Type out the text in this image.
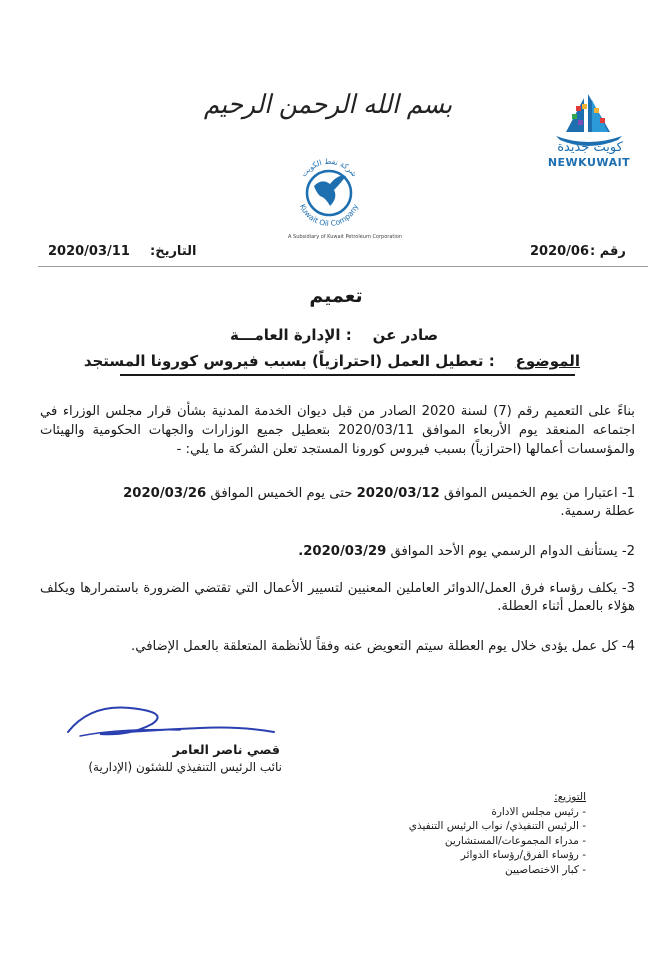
بسم الله الرحمن الرحيم
كويت جديدة
NEWKUWAIT
شركة نفط الكويت
Kuwait Oil Company
A Subsidiary of Kuwait Petroleum Corporation
رقم :
2020/06
التاريخ:
2020/03/11
تعميم
صادر عن    : الإدارة العامـــة
الموضوع    : تعطيل العمل (احترازياً) بسبب فيروس كورونا المستجد
بناءً على التعميم رقم (7) لسنة 2020 الصادر من قبل ديوان الخدمة المدنية بشأن قرار مجلس الوزراء في اجتماعه المنعقد يوم الأربعاء الموافق 2020/03/11 بتعطيل جميع الوزارات والجهات الحكومية والهيئات والمؤسسات أعمالها (احترازياً) بسبب فيروس كورونا المستجد تعلن الشركة ما يلي: -
1- اعتبارا من يوم الخميس الموافق 2020/03/12 حتى يوم الخميس الموافق 2020/03/26
عطلة رسمية.
2- يستأنف الدوام الرسمي يوم الأحد الموافق 2020/03/29.
3- يكلف رؤساء فرق العمل/الدوائر العاملين المعنيين لتسيير الأعمال التي تقتضي الضرورة باستمرارها ويكلف هؤلاء بالعمل أثناء العطلة.
4- كل عمل يؤدى خلال يوم العطلة سيتم التعويض عنه وفقاً للأنظمة المتعلقة بالعمل الإضافي.
قصي ناصر العامر
نائب الرئيس التنفيذي للشئون (الإدارية)
التوزيع:
- رئيس مجلس الادارة
- الرئيس التنفيذي/ نواب الرئيس التنفيذي
- مدراء المجموعات/المستشارين
- رؤساء الفرق/رؤساء الدوائر
- كبار الاختصاصيين
